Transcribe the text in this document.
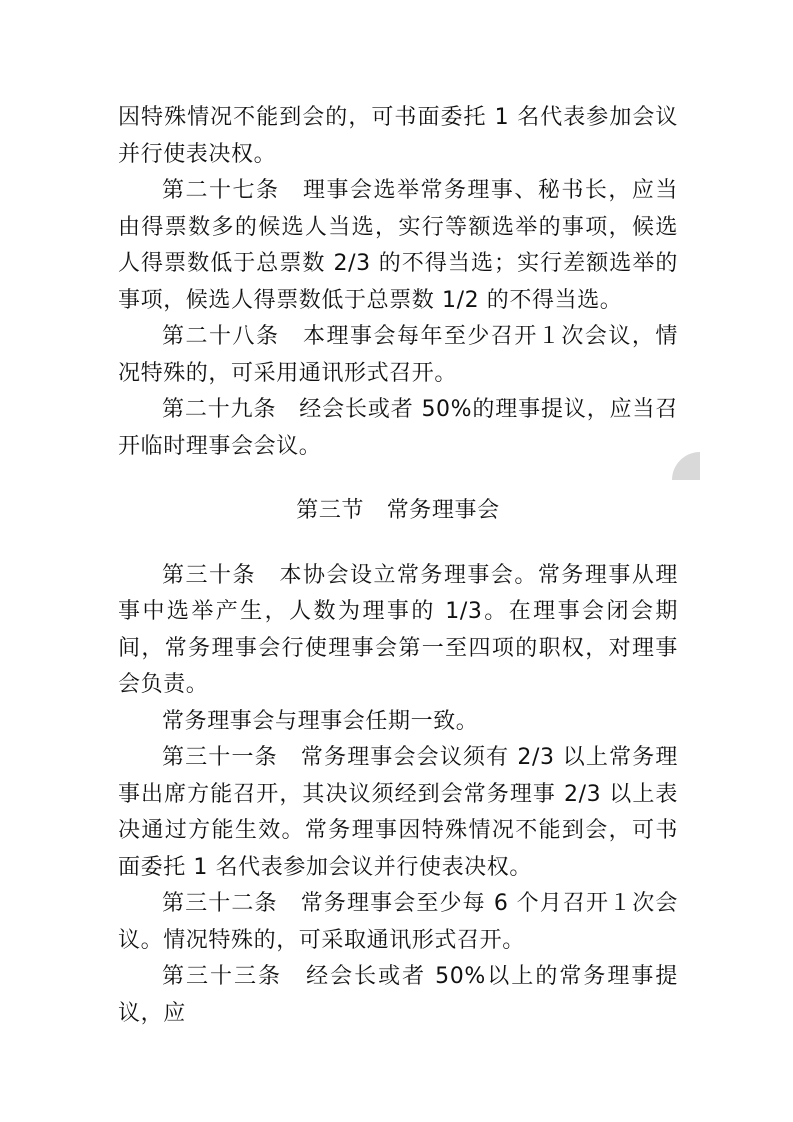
因特殊情况不能到会的，可书面委托 1 名代表参加会议并行使表决权。

第二十七条　理事会选举常务理事、秘书长，应当由得票数多的候选人当选，实行等额选举的事项，候选人得票数低于总票数 2/3 的不得当选；实行差额选举的事项，候选人得票数低于总票数 1/2 的不得当选。

第二十八条　本理事会每年至少召开１次会议，情况特殊的，可采用通讯形式召开。

第二十九条　经会长或者 50%的理事提议，应当召开临时理事会会议。

第三节　常务理事会

第三十条　本协会设立常务理事会。常务理事从理事中选举产生，人数为理事的 1/3。在理事会闭会期间，常务理事会行使理事会第一至四项的职权，对理事会负责。

常务理事会与理事会任期一致。

第三十一条　常务理事会会议须有 2/3 以上常务理事出席方能召开，其决议须经到会常务理事 2/3 以上表决通过方能生效。常务理事因特殊情况不能到会，可书面委托 1 名代表参加会议并行使表决权。

第三十二条　常务理事会至少每 6 个月召开１次会议。情况特殊的，可采取通讯形式召开。

第三十三条　经会长或者 50%以上的常务理事提议，应
